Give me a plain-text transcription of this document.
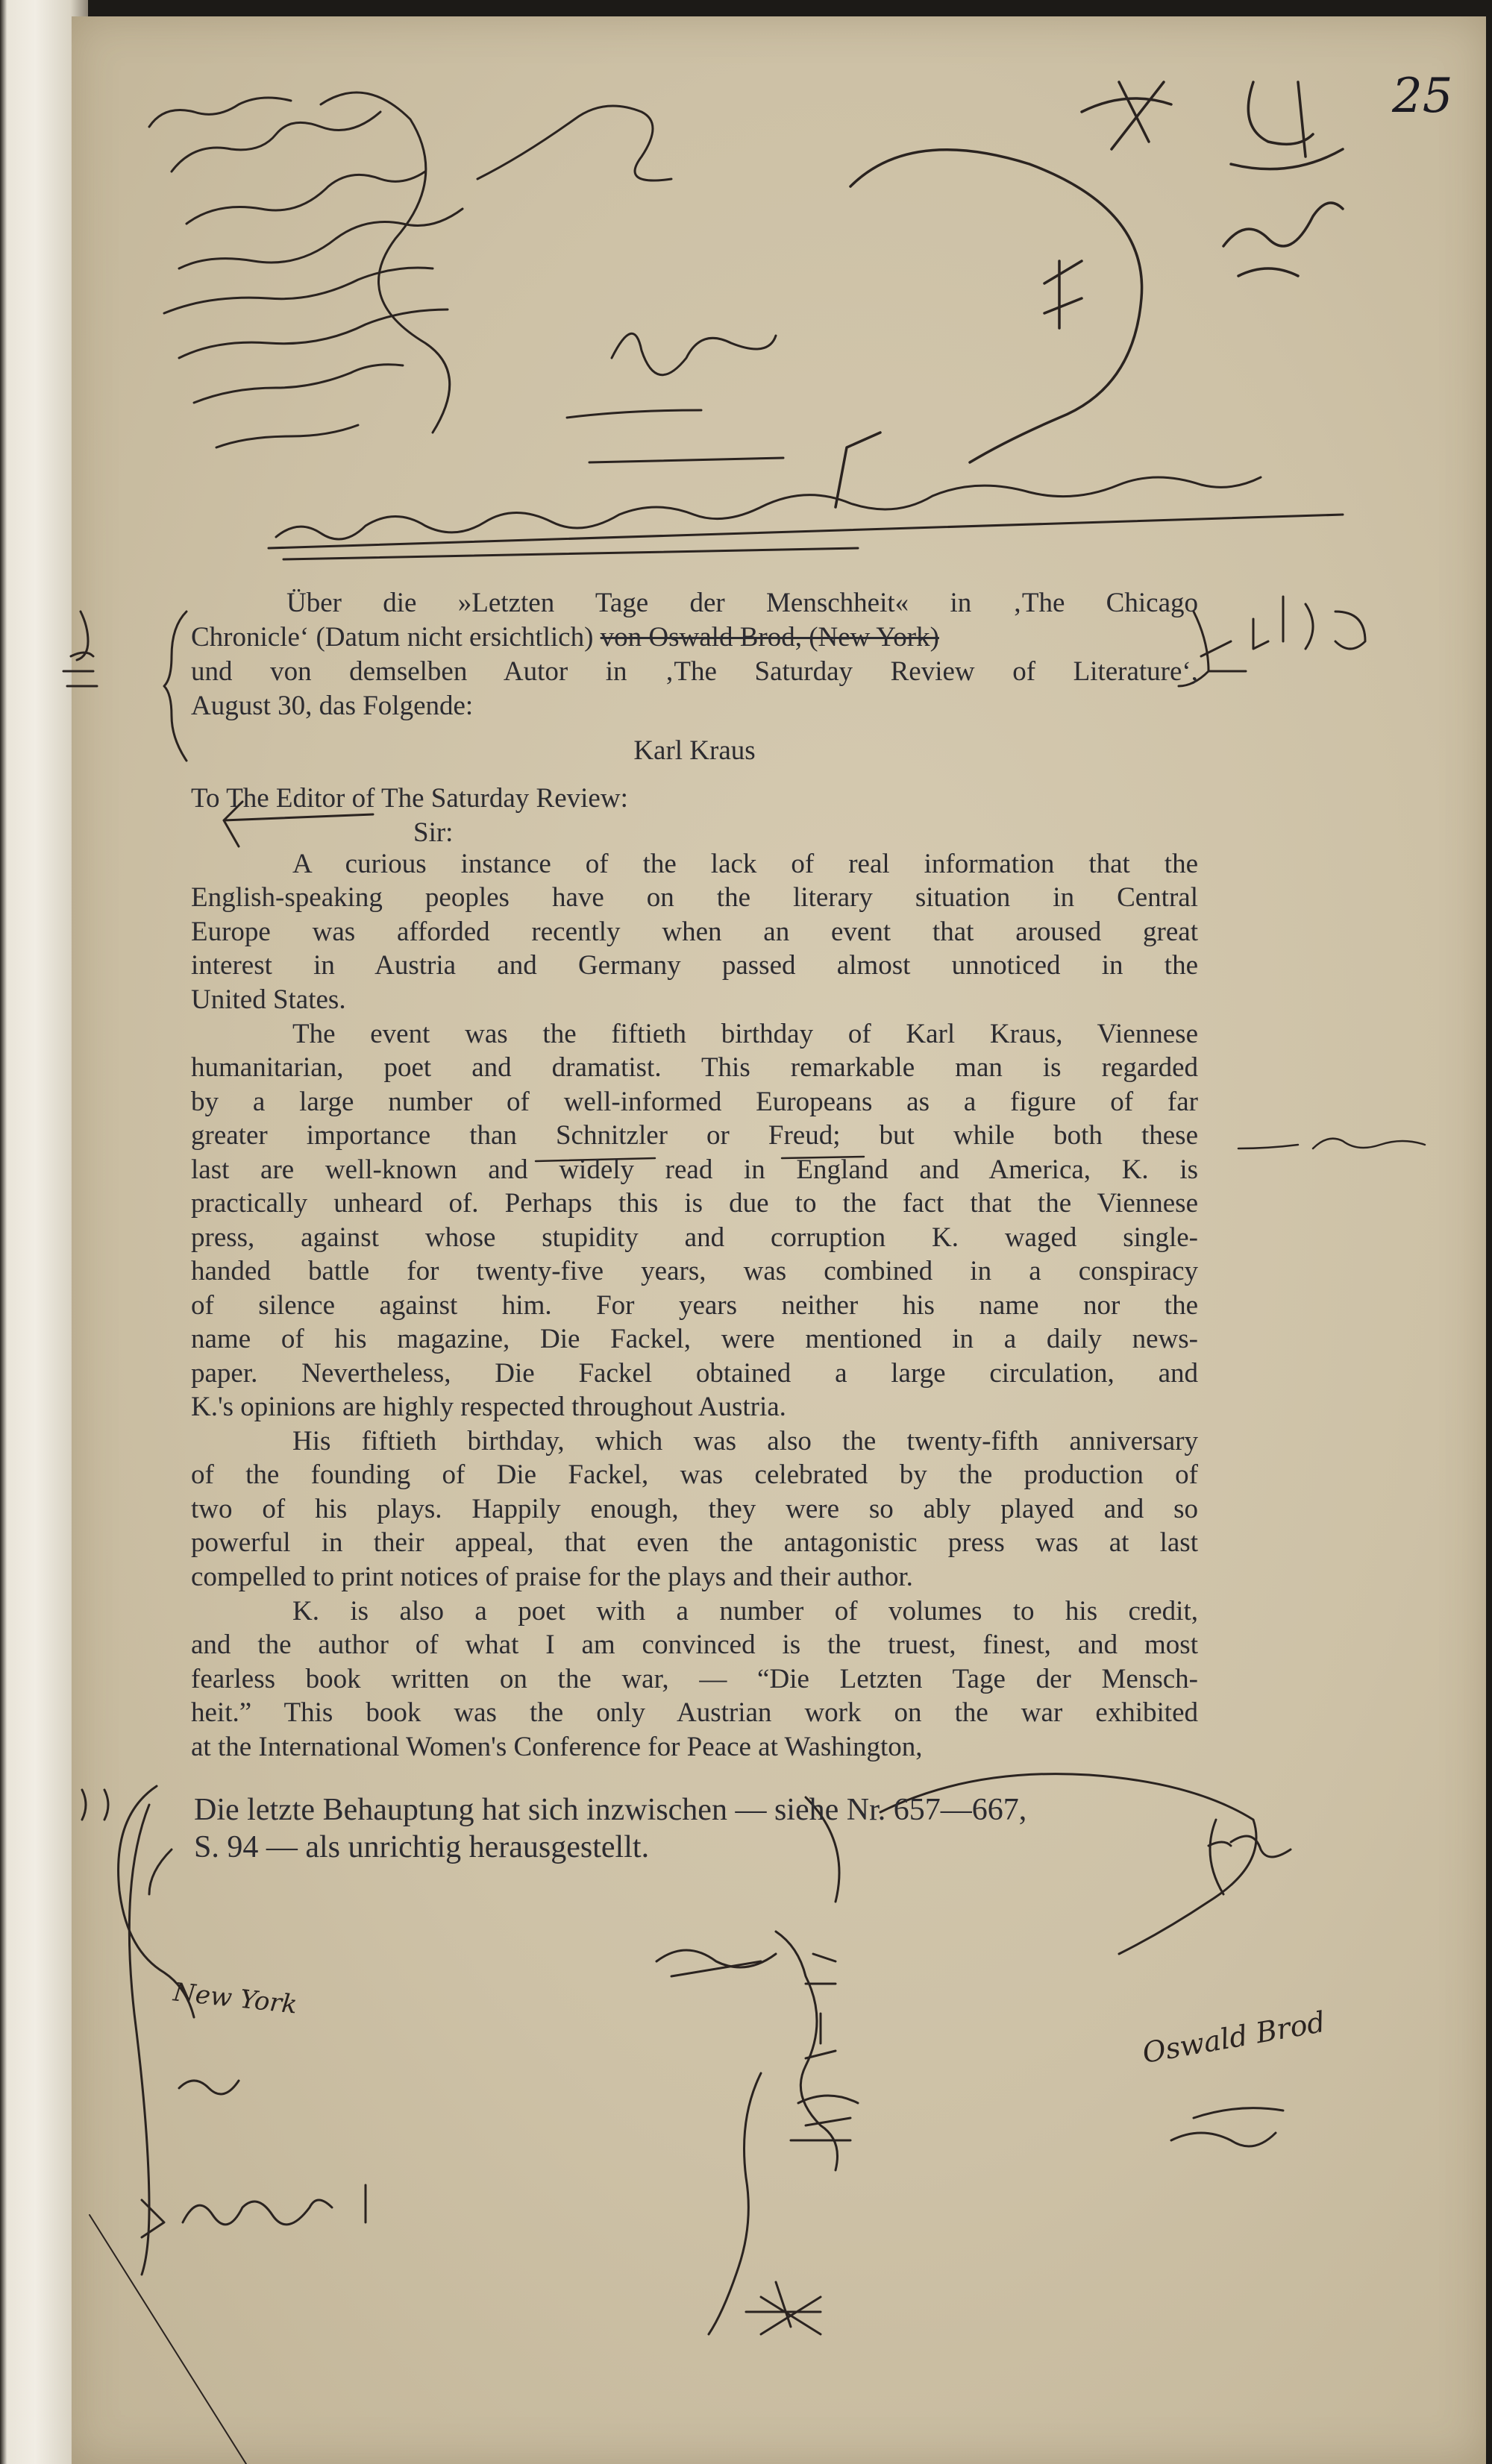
25
Über die »Letzten Tage der Menschheit« in ‚The Chicago
Chronicle‘ (Datum nicht ersichtlich) von Oswald Brod, (New York)
und von demselben Autor in ‚The Saturday Review of Literature‘,
August 30, das Folgende:
Karl Kraus
To The Editor of The Saturday Review:
Sir:
A curious instance of the lack of real information that the
English-speaking peoples have on the literary situation in Central
Europe was afforded recently when an event that aroused great
interest in Austria and Germany passed almost unnoticed in the
United States.
The event was the fiftieth birthday of Karl Kraus, Viennese
humanitarian, poet and dramatist. This remarkable man is regarded
by a large number of well-informed Europeans as a figure of far
greater importance than Schnitzler or Freud; but while both these
last are well-known and widely read in England and America, K. is
practically unheard of. Perhaps this is due to the fact that the Viennese
press, against whose stupidity and corruption K. waged single-
handed battle for twenty-five years, was combined in a conspiracy
of silence against him. For years neither his name nor the
name of his magazine, Die Fackel, were mentioned in a daily news-
paper. Nevertheless, Die Fackel obtained a large circulation, and
K.'s opinions are highly respected throughout Austria.
His fiftieth birthday, which was also the twenty-fifth anniversary
of the founding of Die Fackel, was celebrated by the production of
two of his plays. Happily enough, they were so ably played and so
powerful in their appeal, that even the antagonistic press was at last
compelled to print notices of praise for the plays and their author.
K. is also a poet with a number of volumes to his credit,
and the author of what I am convinced is the truest, finest, and most
fearless book written on the war, — “Die Letzten Tage der Mensch-
heit.” This book was the only Austrian work on the war exhibited
at the International Women's Conference for Peace at Washington,
Die letzte Behauptung hat sich inzwischen — siehe Nr. 657—667,
S. 94 — als unrichtig herausgestellt.
New York
Oswald Brod
